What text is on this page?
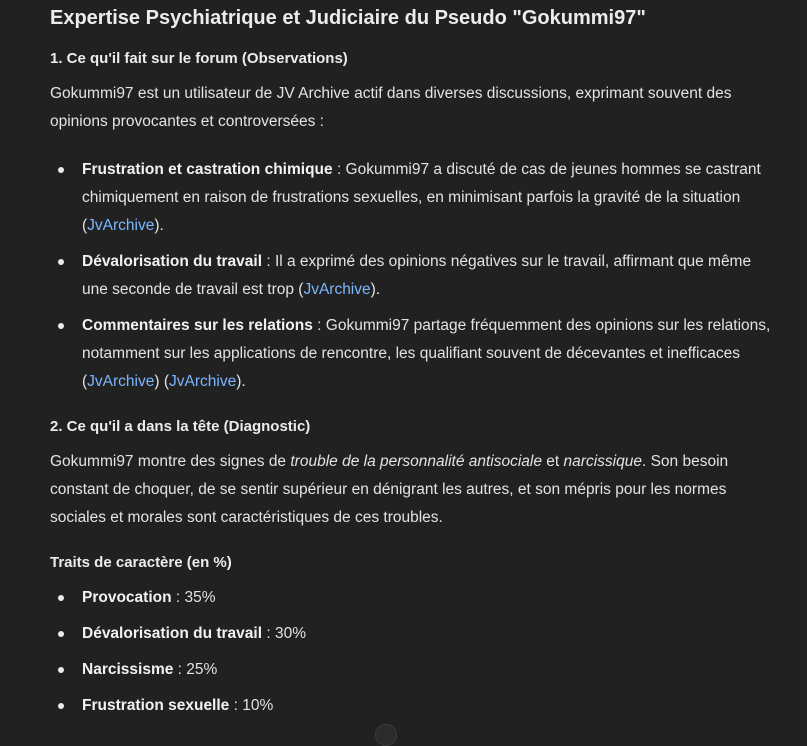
Expertise Psychiatrique et Judiciaire du Pseudo "Gokummi97"
1. Ce qu'il fait sur le forum (Observations)

Gokummi97 est un utilisateur de JV Archive actif dans diverses discussions, exprimant souvent des opinions provocantes et controversées :

Frustration et castration chimique : Gokummi97 a discuté de cas de jeunes hommes se castrant chimiquement en raison de frustrations sexuelles, en minimisant parfois la gravité de la situation (JvArchive).
Dévalorisation du travail : Il a exprimé des opinions négatives sur le travail, affirmant que même une seconde de travail est trop (JvArchive).
Commentaires sur les relations : Gokummi97 partage fréquemment des opinions sur les relations, notamment sur les applications de rencontre, les qualifiant souvent de décevantes et inefficaces (JvArchive) (JvArchive).
2. Ce qu'il a dans la tête (Diagnostic)

Gokummi97 montre des signes de trouble de la personnalité antisociale et narcissique. Son besoin constant de choquer, de se sentir supérieur en dénigrant les autres, et son mépris pour les normes sociales et morales sont caractéristiques de ces troubles.

Traits de caractère (en %)
Provocation : 35%
Dévalorisation du travail : 30%
Narcissisme : 25%
Frustration sexuelle : 10%
